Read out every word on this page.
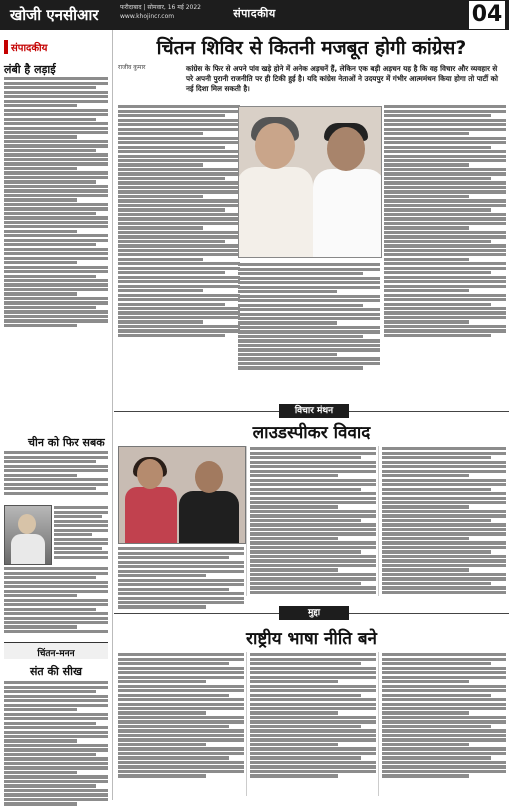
खोजी एनसीआर	फरीदाबाद | सोमवार, 16 मई 2022
www.khojincr.com	संपादकीय	04
संपादकीय
लंबी है लड़ाई
चीन को फिर सबक
चिंतन-मनन
संत की सीख
चिंतन शिविर से कितनी मजबूत होगी कांग्रेस?
राजीव कुमार	कांग्रेस के फिर से अपने पांव खड़े होने में अनेक अड़चनें हैं, लेकिन एक बड़ी अड़चन यह है कि वह विचार और व्यवहार से परे अपनी पुरानी राजनीति पर ही टिकी हुई है। यदि कांग्रेस नेताओं ने उदयपुर में गंभीर आत्ममंथन किया होगा तो पार्टी को नई दिशा मिल सकती है।
विचार मंथन
लाउडस्पीकर विवाद
मुद्दा
राष्ट्रीय भाषा नीति बने
